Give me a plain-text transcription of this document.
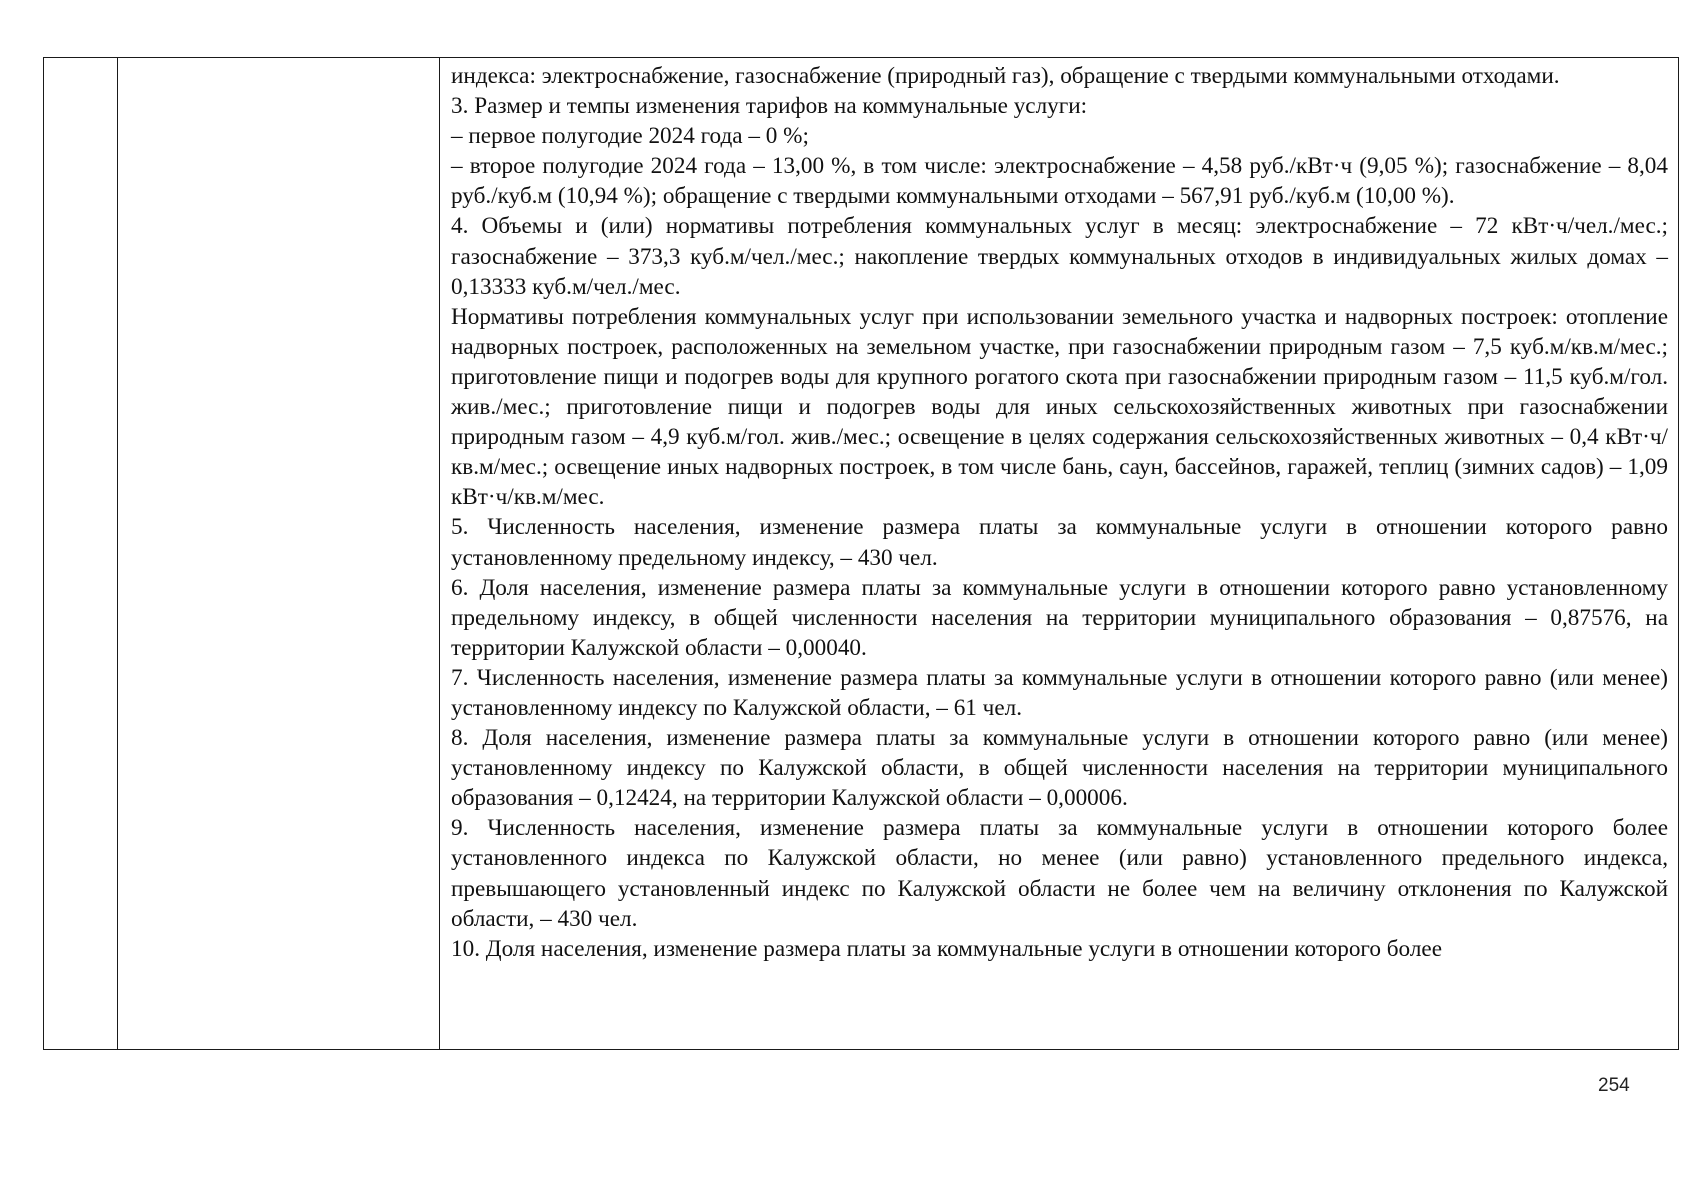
индекса: электроснабжение, газоснабжение (природный газ), обращение с твердыми коммунальными отходами.

3. Размер и темпы изменения тарифов на коммунальные услуги:

– первое полугодие 2024 года – 0 %;

– второе полугодие 2024 года – 13,00 %, в том числе: электроснабжение – 4,58 руб./кВт·ч (9,05 %); газоснабжение – 8,04 руб./куб.м (10,94 %); обращение с твердыми коммунальными отходами – 567,91 руб./куб.м (10,00 %).

4. Объемы и (или) нормативы потребления коммунальных услуг в месяц: электроснабжение – 72 кВт·ч/чел./мес.; газоснабжение – 373,3 куб.м/чел./мес.; накопление твердых коммунальных отходов в индивидуальных жилых домах – 0,13333 куб.м/чел./мес.

Нормативы потребления коммунальных услуг при использовании земельного участка и надворных построек: отопление надворных построек, расположенных на земельном участке, при газоснабжении природным газом – 7,5 куб.м/кв.м/мес.; приготовление пищи и подогрев воды для крупного рогатого скота при газоснабжении природным газом – 11,5 куб.м/гол. жив./мес.; приготовление пищи и подогрев воды для иных сельскохозяйственных животных при газоснабжении природным газом – 4,9 куб.м/гол. жив./мес.; освещение в целях содержания сельскохозяйственных животных – 0,4 кВт·ч/кв.м/мес.; освещение иных надворных построек, в том числе бань, саун, бассейнов, гаражей, теплиц (зимних садов) – 1,09 кВт·ч/кв.м/мес.

5. Численность населения, изменение размера платы за коммунальные услуги в отношении которого равно установленному предельному индексу, – 430 чел.

6. Доля населения, изменение размера платы за коммунальные услуги в отношении которого равно установленному предельному индексу, в общей численности населения на территории муниципального образования – 0,87576, на территории Калужской области – 0,00040.

7. Численность населения, изменение размера платы за коммунальные услуги в отношении которого равно (или менее) установленному индексу по Калужской области, – 61 чел.

8. Доля населения, изменение размера платы за коммунальные услуги в отношении которого равно (или менее) установленному индексу по Калужской области, в общей численности населения на территории муниципального образования – 0,12424, на территории Калужской области – 0,00006.

9. Численность населения, изменение размера платы за коммунальные услуги в отношении которого более установленного индекса по Калужской области, но менее (или равно) установленного предельного индекса, превышающего установленный индекс по Калужской области не более чем на величину отклонения по Калужской области, – 430 чел.

10. Доля населения, изменение размера платы за коммунальные услуги в отношении которого более

254
